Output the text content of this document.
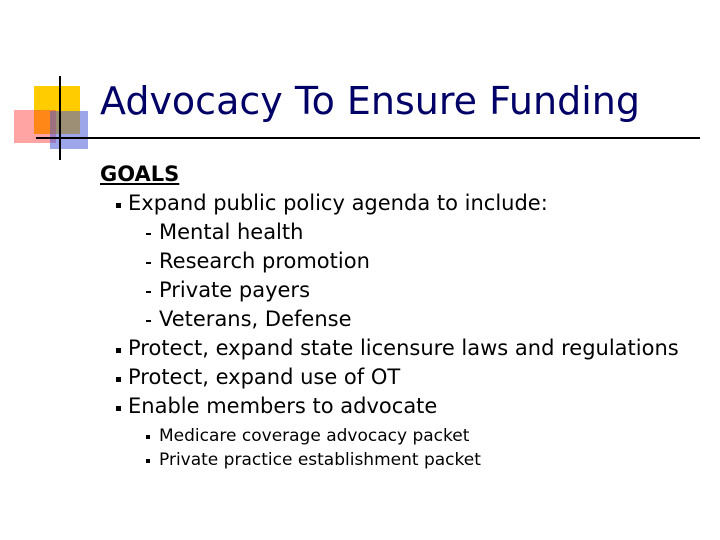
Advocacy To Ensure Funding
GOALS
Expand public policy agenda to include:
Mental health
Research promotion
Private payers
Veterans, Defense
Protect, expand state licensure laws and regulations
Protect, expand use of OT
Enable members to advocate
Medicare coverage advocacy packet
Private practice establishment packet
